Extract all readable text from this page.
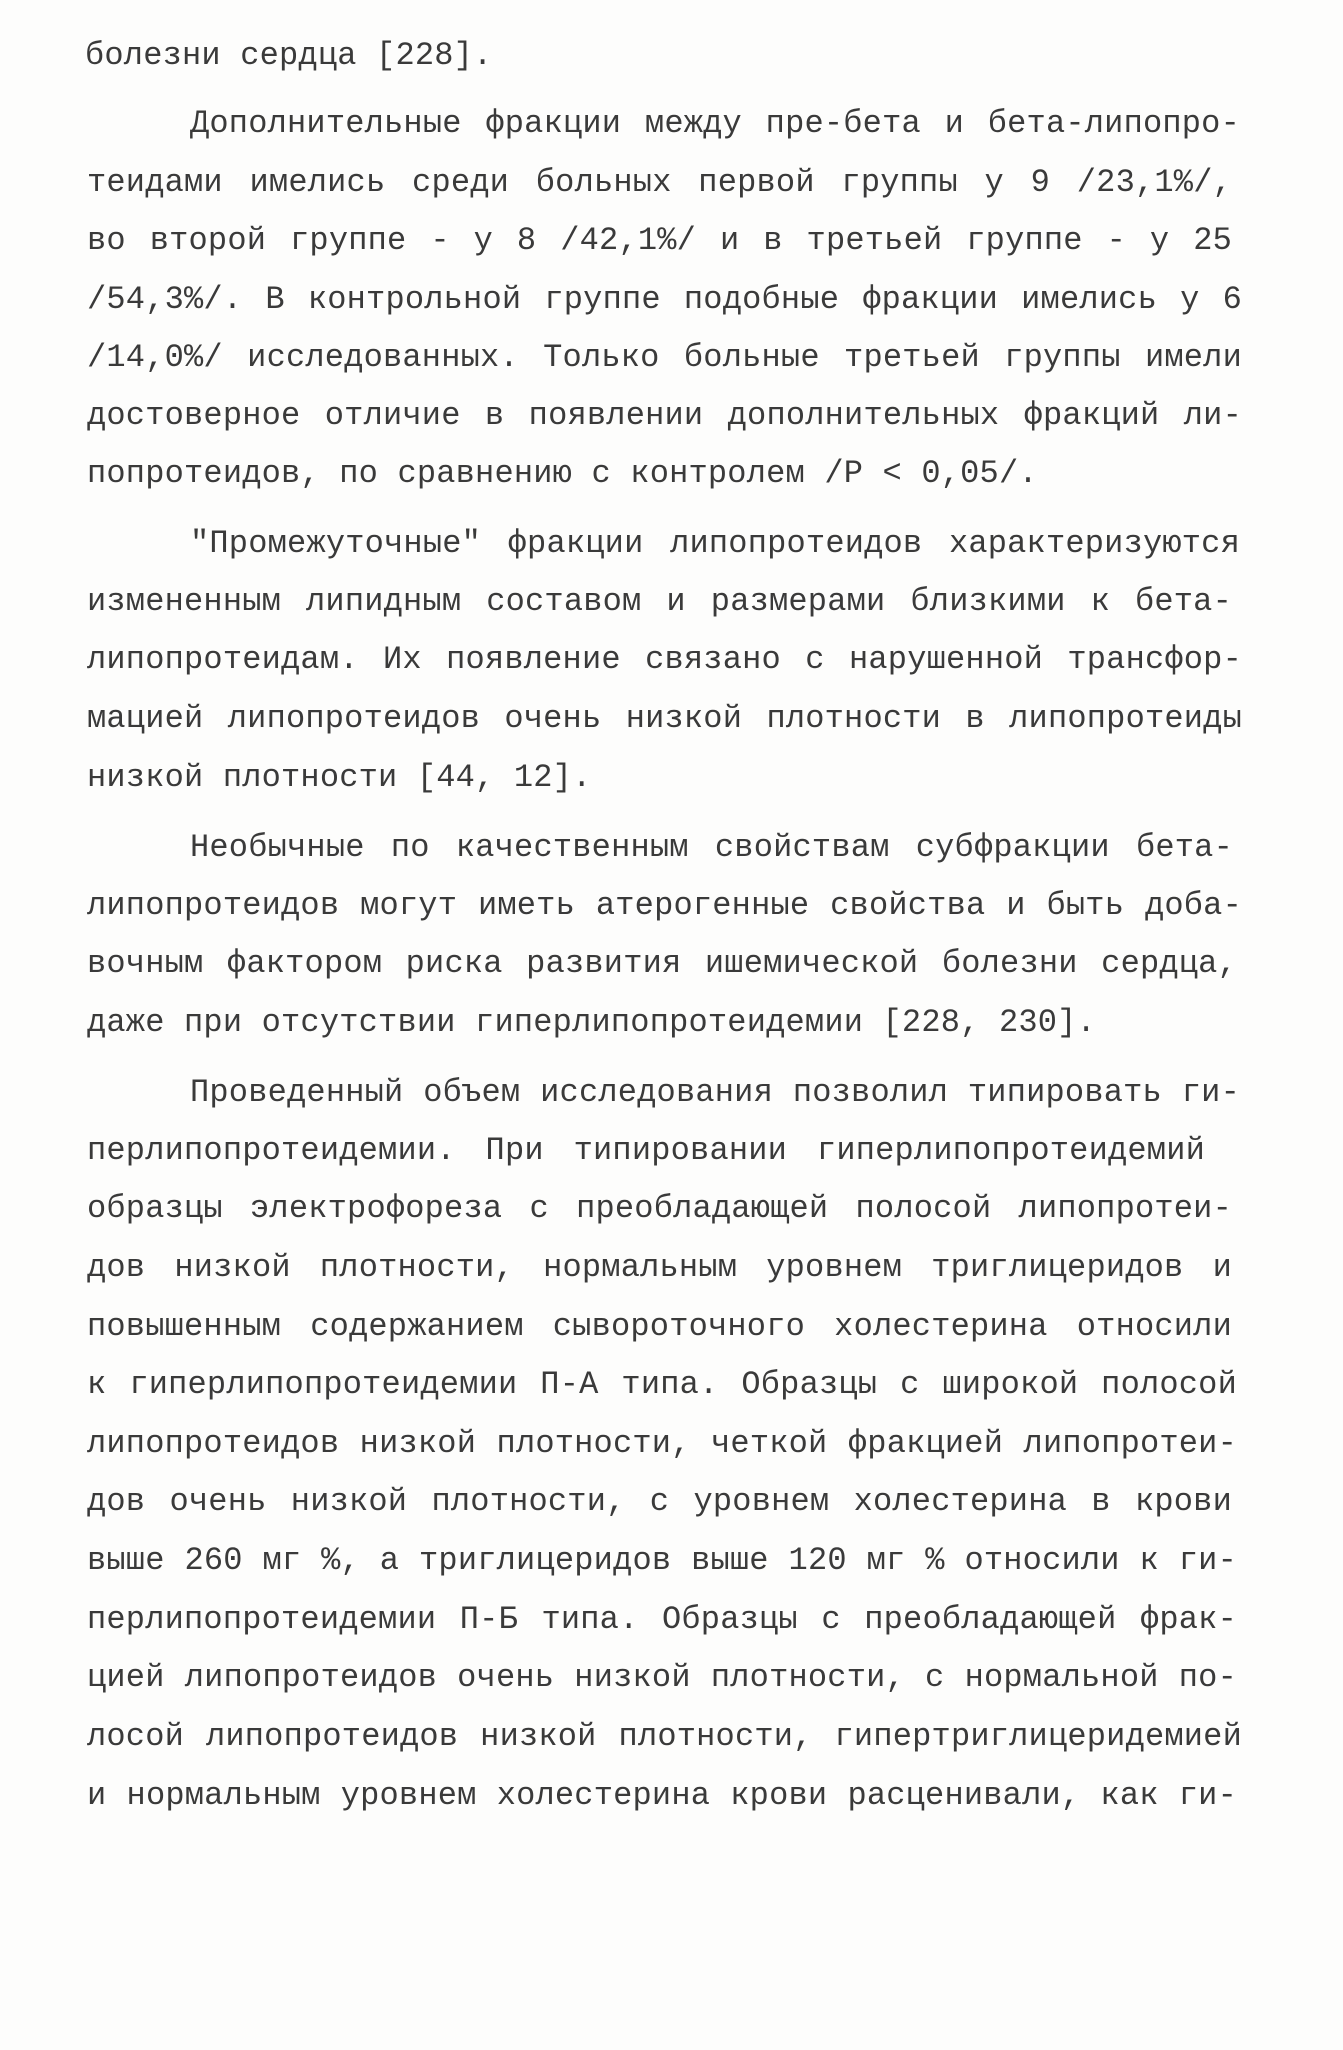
болезни сердца [228].
Дополнительные фракции между пре-бета и бета-липопро-
теидами имелись среди больных первой группы у 9 /23,1%/,
во второй группе - у 8 /42,1%/ и в третьей группе - у 25
/54,3%/. В контрольной группе подобные фракции имелись у 6
/14,0%/ исследованных. Только больные третьей группы имели
достоверное отличие в появлении дополнительных фракций ли-
попротеидов, по сравнению с контролем /P < 0,05/.
"Промежуточные" фракции липопротеидов характеризуются
измененным липидным составом и размерами близкими к бета-
липопротеидам. Их появление связано с нарушенной трансфор-
мацией липопротеидов очень низкой плотности в липопротеиды
низкой плотности [44, 12].
Необычные по качественным свойствам субфракции бета-
липопротеидов могут иметь атерогенные свойства и быть доба-
вочным фактором риска развития ишемической болезни сердца,
даже при отсутствии гиперлипопротеидемии [228, 230].
Проведенный объем исследования позволил типировать ги-
перлипопротеидемии. При типировании гиперлипопротеидемий
образцы электрофореза с преобладающей полосой липопротеи-
дов низкой плотности, нормальным уровнем триглицеридов и
повышенным содержанием сывороточного холестерина относили
к гиперлипопротеидемии П-А типа. Образцы с широкой полосой
липопротеидов низкой плотности, четкой фракцией липопротеи-
дов очень низкой плотности, с уровнем холестерина в крови
выше 260 мг %, а триглицеридов выше 120 мг % относили к ги-
перлипопротеидемии П-Б типа. Образцы с преобладающей фрак-
цией липопротеидов очень низкой плотности, с нормальной по-
лосой липопротеидов низкой плотности, гипертриглицеридемией
и нормальным уровнем холестерина крови расценивали, как ги-
